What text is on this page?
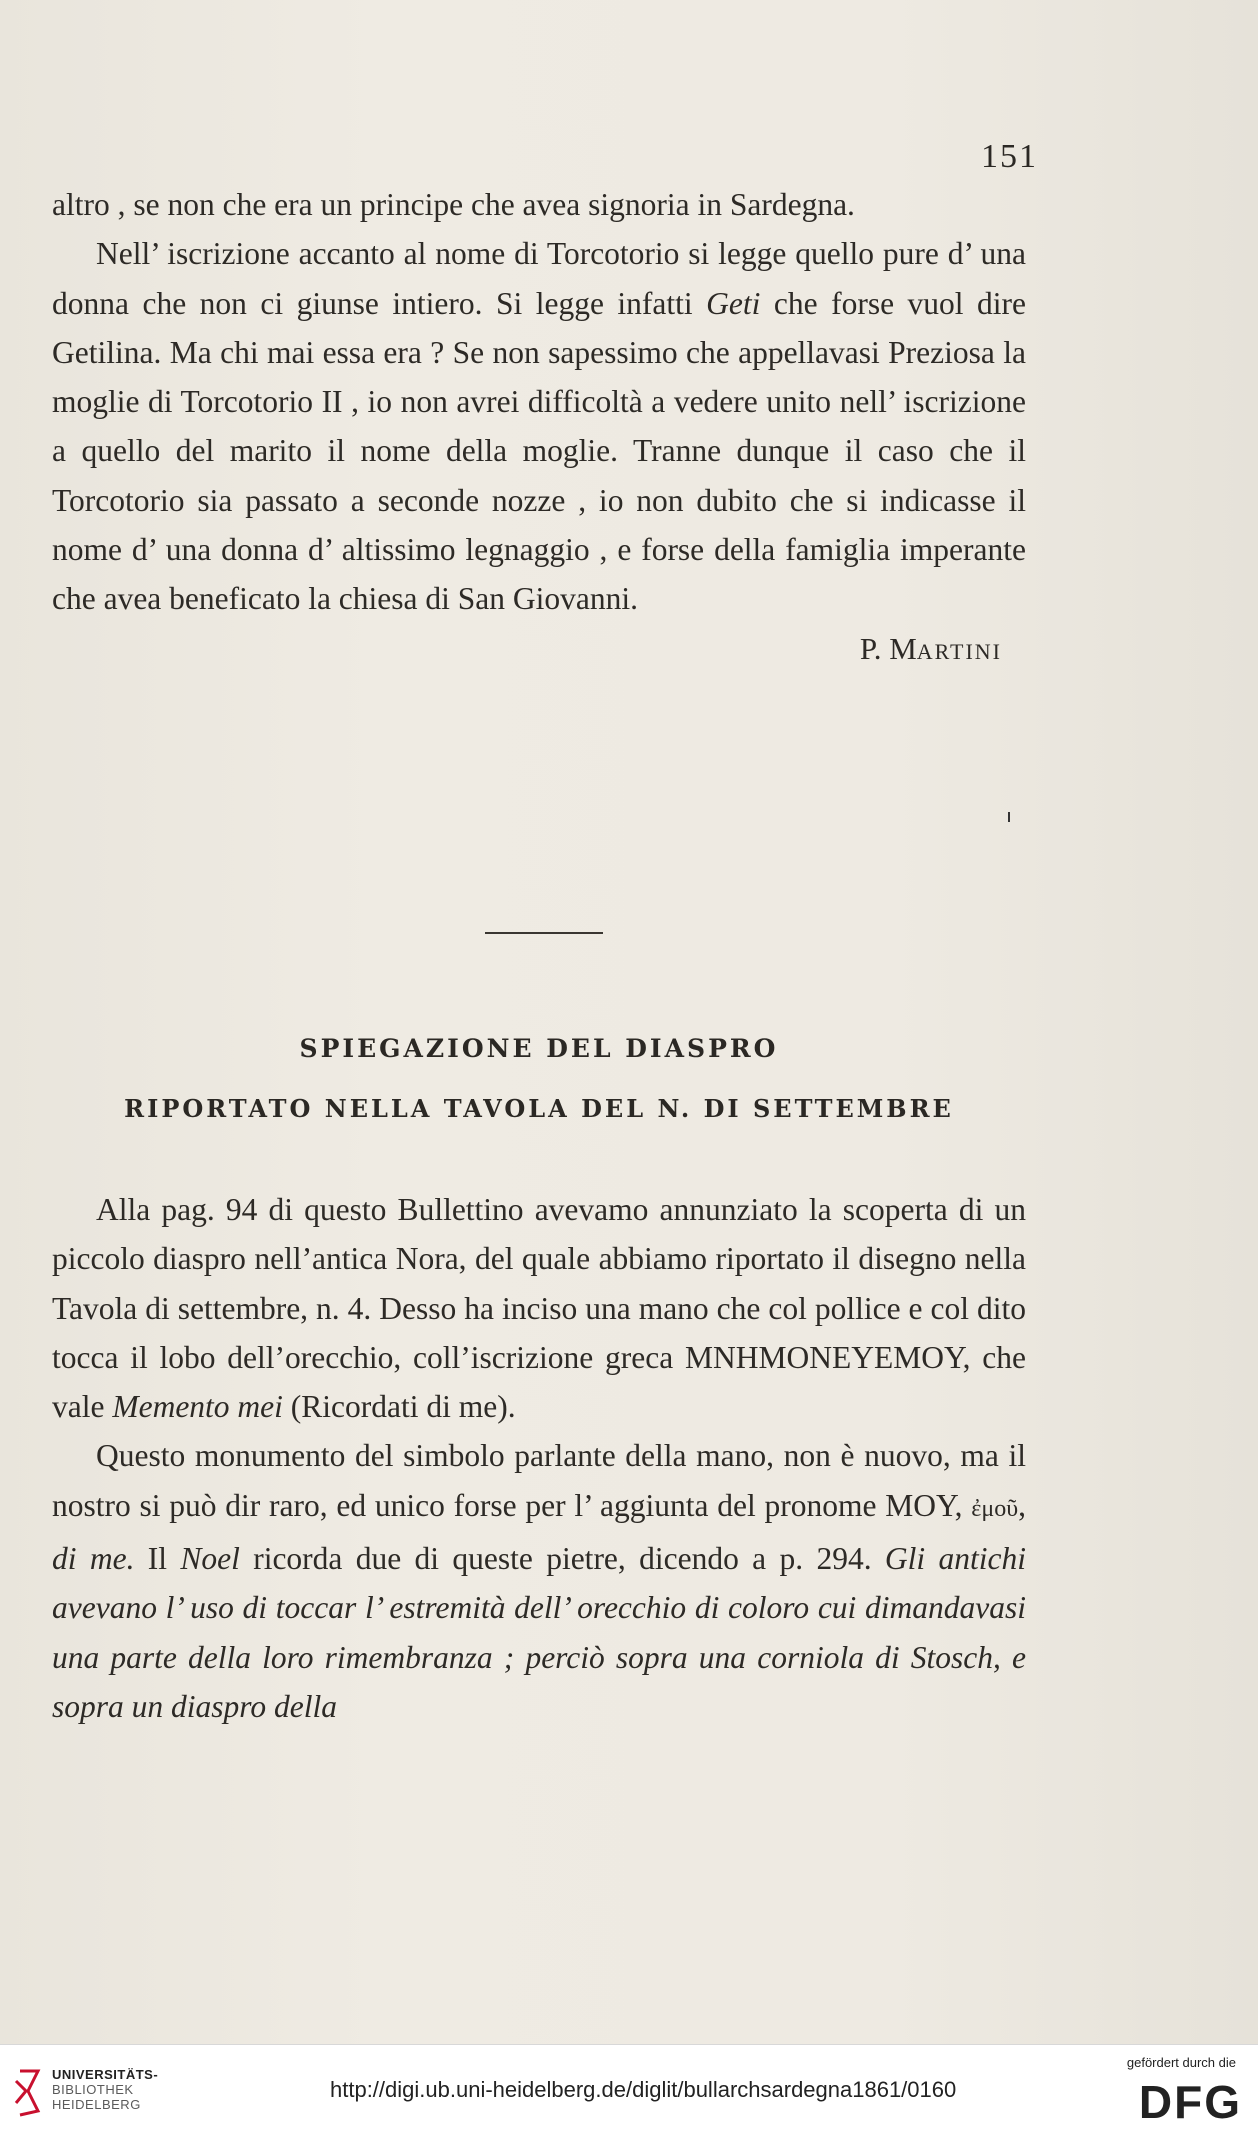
151

altro , se non che era un principe che avea signoria in Sardegna.

Nell’ iscrizione accanto al nome di Torcotorio si legge quello pure d’ una donna che non ci giunse intiero. Si legge infatti Geti che forse vuol dire Getilina. Ma chi mai essa era ? Se non sapessimo che appellavasi Preziosa la moglie di Torcotorio II , io non avrei difficoltà a vedere unito nell’ iscrizione a quello del marito il nome della moglie. Tranne dunque il caso che il Torcotorio sia passato a seconde nozze , io non dubito che si indicasse il nome d’ una donna d’ altissimo legnaggio , e forse della famiglia imperante che avea beneficato la chiesa di San Giovanni.

P. MARTINI

SPIEGAZIONE DEL DIASPRO
RIPORTATO NELLA TAVOLA DEL N. DI SETTEMBRE

Alla pag. 94 di questo Bullettino avevamo annunziato la scoperta di un piccolo diaspro nell’antica Nora, del quale abbiamo riportato il disegno nella Tavola di settembre, n. 4. Desso ha inciso una mano che col pollice e col dito tocca il lobo dell’orecchio, coll’iscrizione greca MNHMONEYEMOY, che vale Memento mei (Ricordati di me).

Questo monumento del simbolo parlante della mano, non è nuovo, ma il nostro si può dir raro, ed unico forse per l’ aggiunta del pronome MOY, ἐμοῦ, di me. Il Noel ricorda due di queste pietre, dicendo a p. 294. Gli antichi avevano l’ uso di toccar l’ estremità dell’ orecchio di coloro cui dimandavasi una parte della loro rimembranza ; perciò sopra una corniola di Stosch, e sopra un diaspro della

UNIVERSITÄTS-
BIBLIOTHEK
HEIDELBERG
http://digi.ub.uni-heidelberg.de/diglit/bullarchsardegna1861/0160
gefördert durch die
DFG
